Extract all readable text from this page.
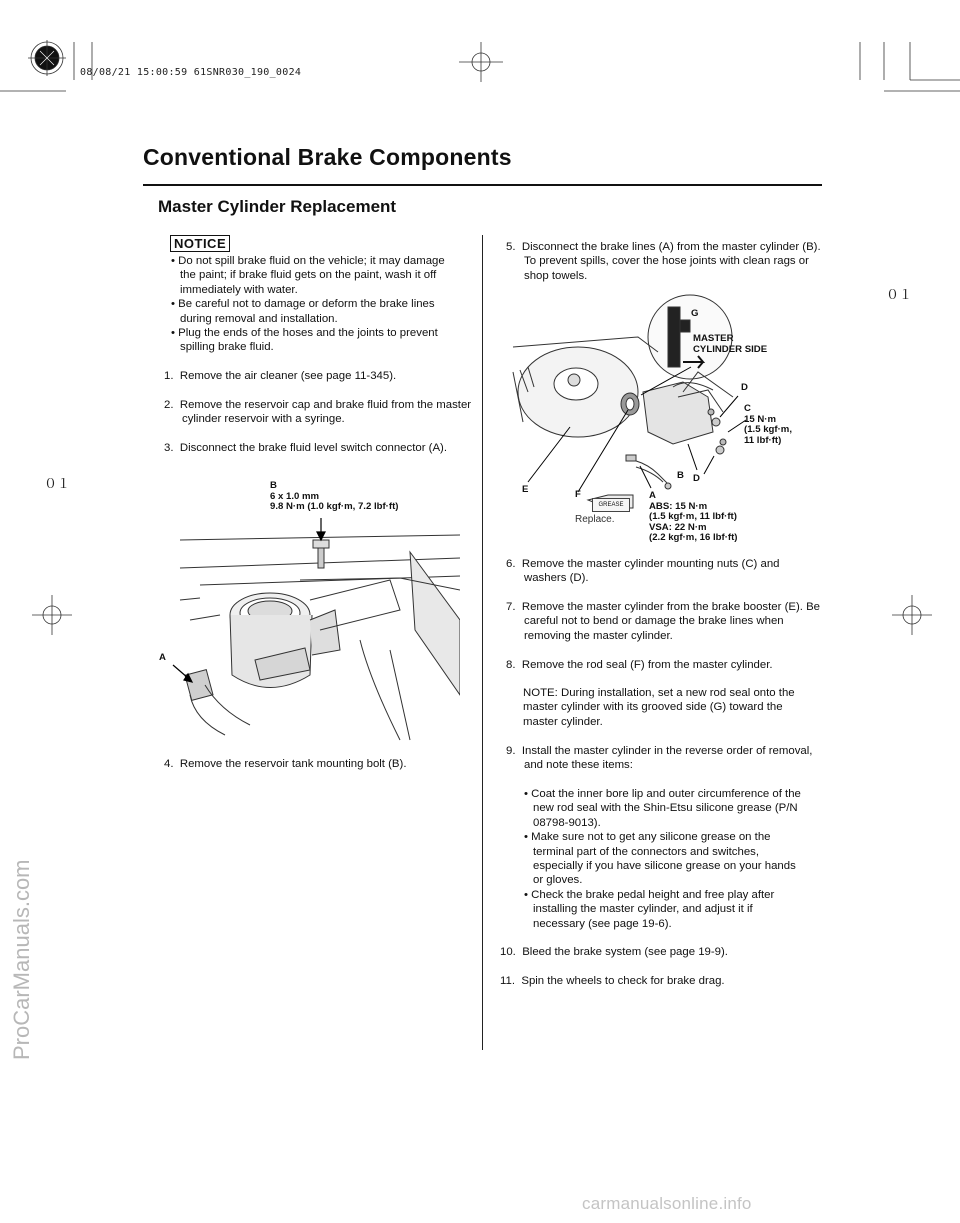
08/08/21 15:00:59 61SNR030_190_0024
０１
０１
Conventional Brake Components
Master Cylinder Replacement
NOTICE
• Do not spill brake fluid on the vehicle; it may damage the paint; if brake fluid gets on the paint, wash it off immediately with water.
• Be careful not to damage or deform the brake lines during removal and installation.
• Plug the ends of the hoses and the joints to prevent spilling brake fluid.
1. Remove the air cleaner (see page 11-345).
2. Remove the reservoir cap and brake fluid from the master cylinder reservoir with a syringe.
3. Disconnect the brake fluid level switch connector (A).
B
6 x 1.0 mm
9.8 N·m (1.0 kgf·m, 7.2 lbf·ft)
A
4. Remove the reservoir tank mounting bolt (B).
5. Disconnect the brake lines (A) from the master cylinder (B). To prevent spills, cover the hose joints with clean rags or shop towels.
GREASE
G
MASTER
CYLINDER SIDE
D
C
15 N·m
(1.5 kgf·m,
11 lbf·ft)
B D
E	F
Replace.
A
ABS: 15 N·m
(1.5 kgf·m, 11 lbf·ft)
VSA: 22 N·m
(2.2 kgf·m, 16 lbf·ft)
6. Remove the master cylinder mounting nuts (C) and washers (D).
7. Remove the master cylinder from the brake booster (E). Be careful not to bend or damage the brake lines when removing the master cylinder.
8. Remove the rod seal (F) from the master cylinder.
NOTE: During installation, set a new rod seal onto the master cylinder with its grooved side (G) toward the master cylinder.
9. Install the master cylinder in the reverse order of removal, and note these items:
• Coat the inner bore lip and outer circumference of the new rod seal with the Shin-Etsu silicone grease (P/N 08798-9013).
• Make sure not to get any silicone grease on the terminal part of the connectors and switches, especially if you have silicone grease on your hands or gloves.
• Check the brake pedal height and free play after installing the master cylinder, and adjust it if necessary (see page 19-6).
10. Bleed the brake system (see page 19-9).
11. Spin the wheels to check for brake drag.
ProCarManuals.com
carmanualsonline.info
